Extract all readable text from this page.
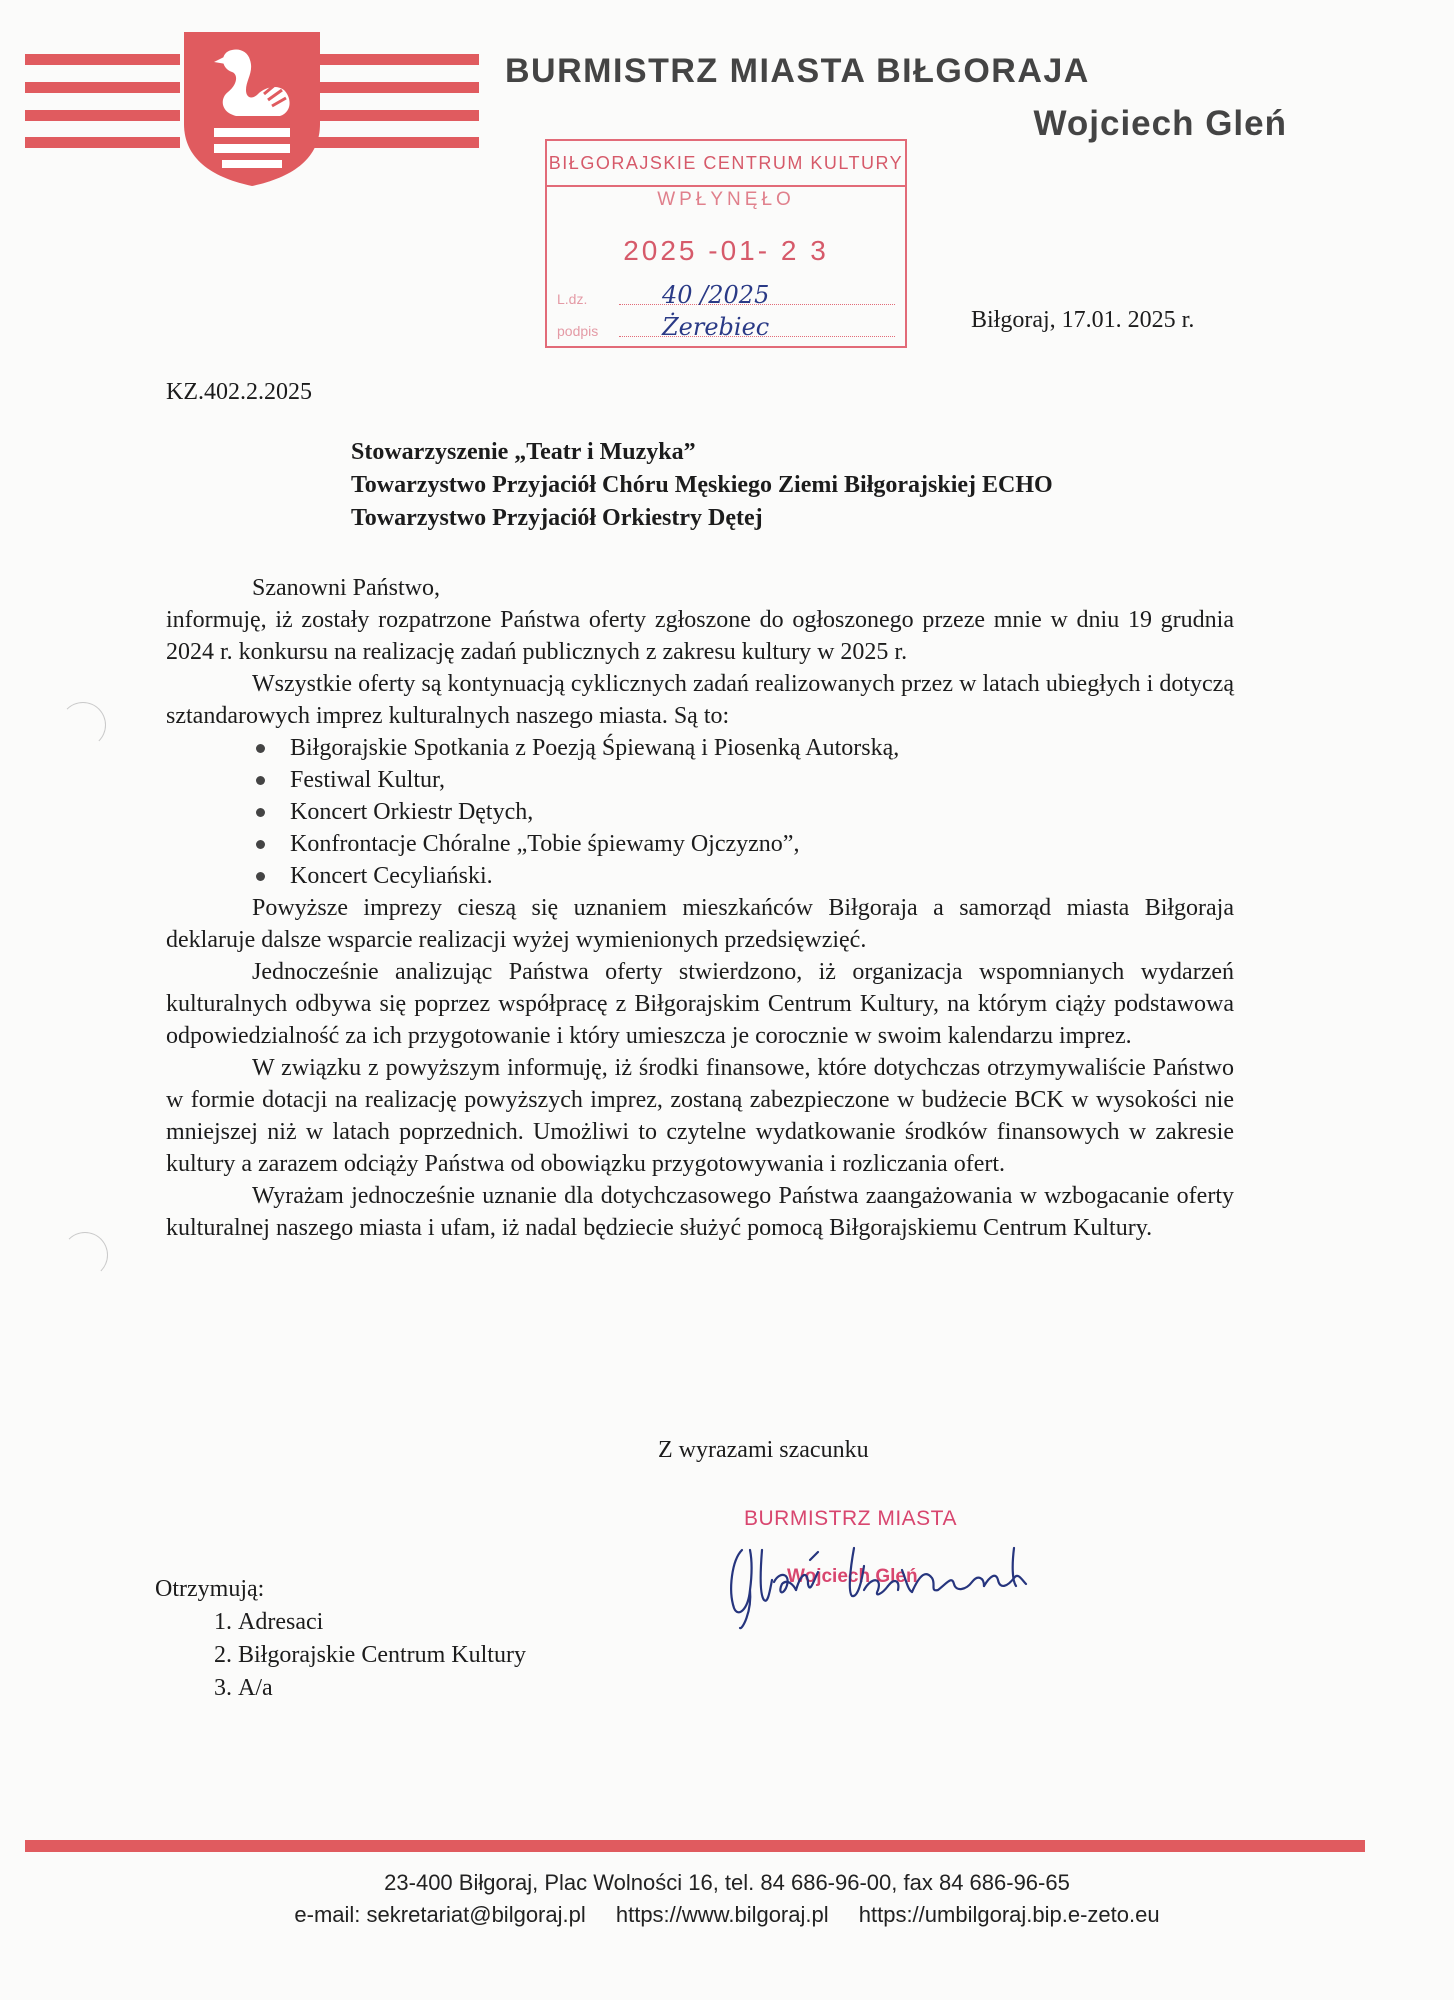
BURMISTRZ MIASTA BIŁGORAJA
Wojciech Gleń
BIŁGORAJSKIE CENTRUM KULTURY
WPŁYNĘŁO
2025 -01- 2 3
L.dz.	40 /2025
podpis	Żerebiec	Biłgoraj, 17.01. 2025 r.
KZ.402.2.2025
Stowarzyszenie „Teatr i Muzyka”
Towarzystwo Przyjaciół Chóru Męskiego Ziemi Biłgorajskiej ECHO
Towarzystwo Przyjaciół Orkiestry Dętej

Szanowni Państwo,

informuję, iż zostały rozpatrzone Państwa oferty zgłoszone do ogłoszonego przeze mnie w dniu 19 grudnia 2024 r. konkursu na realizację zadań publicznych z zakresu kultury w 2025 r.

Wszystkie oferty są kontynuacją cyklicznych zadań realizowanych przez w latach ubiegłych i dotyczą sztandarowych imprez kulturalnych naszego miasta. Są to:

Biłgorajskie Spotkania z Poezją Śpiewaną i Piosenką Autorską,
Festiwal Kultur,
Koncert Orkiestr Dętych,
Konfrontacje Chóralne „Tobie śpiewamy Ojczyzno”,
Koncert Cecyliański.

Powyższe imprezy cieszą się uznaniem mieszkańców Biłgoraja a samorząd miasta Biłgoraja deklaruje dalsze wsparcie realizacji wyżej wymienionych przedsięwzięć.

Jednocześnie analizując Państwa oferty stwierdzono, iż organizacja wspomnianych wydarzeń kulturalnych odbywa się poprzez współpracę z Biłgorajskim Centrum Kultury, na którym ciąży podstawowa odpowiedzialność za ich przygotowanie i który umieszcza je corocznie w swoim kalendarzu imprez.

W związku z powyższym informuję, iż środki finansowe, które dotychczas otrzymywaliście Państwo w formie dotacji na realizację powyższych imprez, zostaną zabezpieczone w budżecie BCK w wysokości nie mniejszej niż w latach poprzednich. Umożliwi to czytelne wydatkowanie środków finansowych w zakresie kultury a zarazem odciąży Państwa od obowiązku przygotowywania i rozliczania ofert.

Wyrażam jednocześnie uznanie dla dotychczasowego Państwa zaangażowania w wzbogacanie oferty kulturalnej naszego miasta i ufam, iż nadal będziecie służyć pomocą Biłgorajskiemu Centrum Kultury.

Z wyrazami szacunku
BURMISTRZ MIASTA
Wojciech Gleń
Otrzymują:
1. Adresaci
2. Biłgorajskie Centrum Kultury
3. A/a
23-400 Biłgoraj, Plac Wolności 16, tel. 84 686-96-00, fax 84 686-96-65
e-mail: sekretariat@bilgoraj.pl https://www.bilgoraj.pl https://umbilgoraj.bip.e-zeto.eu
